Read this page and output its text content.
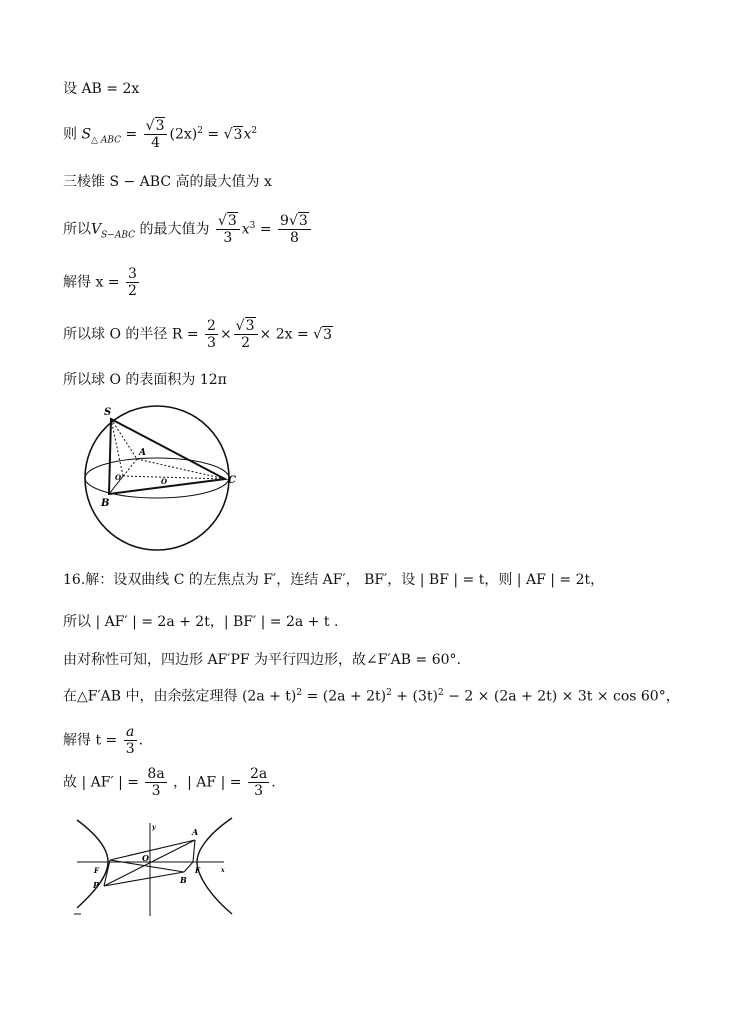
设 AB = 2x
则 $S_{\triangle ABC} = \frac{√3}{4} (2x)^2 = √3x^2$
三棱锥 S − ABC 高的最大值为 x
所以$V_{S-ABC}$ 的最大值为 $\frac{√3}{3} x^3 = \frac{9√3}{8}$
解得 $x = \frac{3}{2}$
所以球 O 的半径 $R = \frac{2}{3} \times \frac{√3}{2} \times 2x = √3$
所以球 O 的表面积为 12π
S
A
B
C
O	O
16.解：设双曲线 C 的左焦点为 F′，连结 AF′， BF′，设 | BF | = t，则 | AF | = 2t，
所以 | AF′ | = 2a + 2t，| BF′ | = 2a + t .
由对称性可知，四边形 AF′PF 为平行四边形，故∠F′AB = 60°.
在△F′AB 中，由余弦定理得 $(2a + t)^2 = (2a + 2t)^2 + (3t)^2 - 2 \times (2a + 2t) \times 3t \times \cos 60^\circ$，
解得 $t = \frac{a}{3}$ .
故 | AF′ | = $\frac{8a}{3}$ ，| AF | = $\frac{2a}{3}$ .
A
B
F	F
P
O
x
y
